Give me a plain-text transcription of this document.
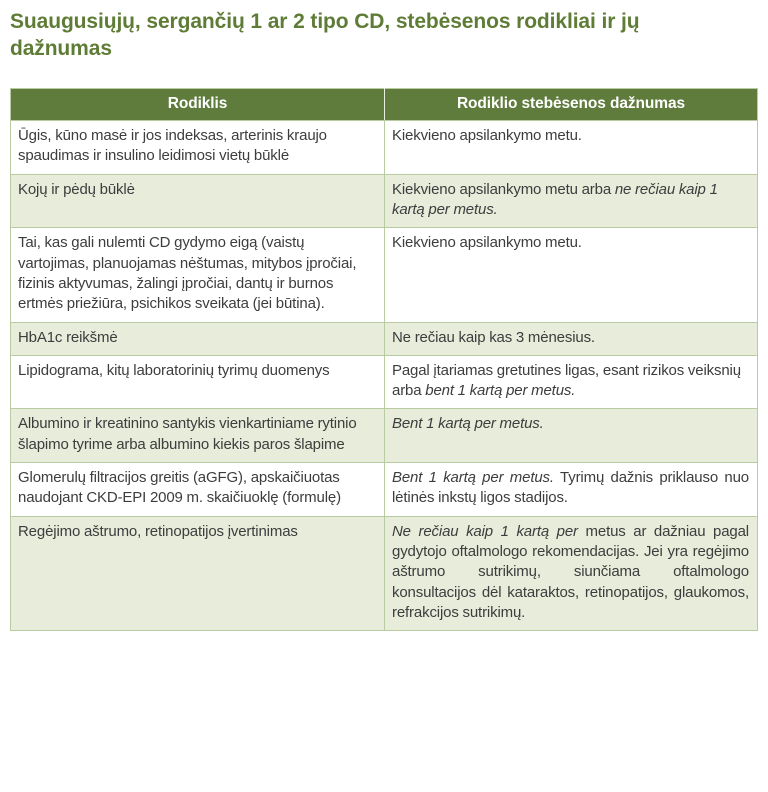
Suaugusiųjų, sergančių 1 ar 2 tipo CD, stebėsenos rodikliai ir jų dažnumas
Rodiklis	Rodiklio stebėsenos dažnumas
Ūgis, kūno masė ir jos indeksas, arterinis kraujo spaudimas ir insulino leidimosi vietų būklė	Kiekvieno apsilankymo metu.
Kojų ir pėdų būklė	Kiekvieno apsilankymo metu arba ne rečiau kaip 1 kartą per metus.
Tai, kas gali nulemti CD gydymo eigą (vaistų vartojimas, planuojamas nėštumas, mitybos įpročiai, fizinis aktyvumas, žalingi įpročiai, dantų ir burnos ertmės priežiūra, psichikos sveikata (jei būtina).	Kiekvieno apsilankymo metu.
HbA1c reikšmė	Ne rečiau kaip kas 3 mėnesius.
Lipidograma, kitų laboratorinių tyrimų duomenys	Pagal įtariamas gretutines ligas, esant rizikos veiksnių arba bent 1 kartą per metus.
Albumino ir kreatinino santykis vienkartiniame rytinio šlapimo tyrime arba albumino kiekis paros šlapime	Bent 1 kartą per metus.
Glomerulų filtracijos greitis (aGFG), apskaičiuotas naudojant CKD-EPI 2009 m. skaičiuoklę (formulę)	Bent 1 kartą per metus. Tyrimų dažnis priklauso nuo lėtinės inkstų ligos stadijos.
Regėjimo aštrumo, retinopatijos įvertinimas	Ne rečiau kaip 1 kartą per metus ar dažniau pagal gydytojo oftalmologo rekomendacijas. Jei yra regėjimo aštrumo sutrikimų, siunčiama oftalmologo konsultacijos dėl kataraktos, retinopatijos, glaukomos, refrakcijos sutrikimų.
